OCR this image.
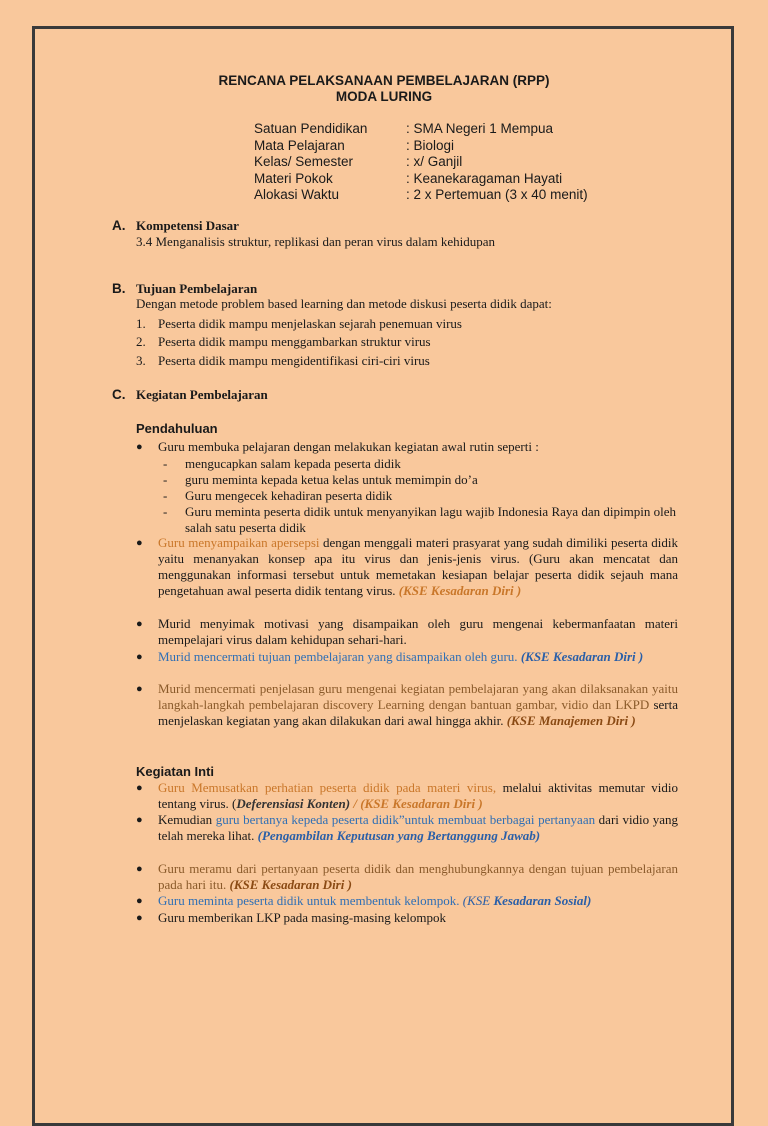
RENCANA PELAKSANAAN PEMBELAJARAN (RPP)
MODA LURING
Satuan Pendidikan	: SMA Negeri 1 Mempua
Mata Pelajaran	: Biologi
Kelas/ Semester	: x/ Ganjil
Materi Pokok	: Keanekaragaman Hayati
Alokasi Waktu	: 2 x Pertemuan (3 x 40 menit)
A. Kompetensi Dasar
3.4 Menganalisis struktur, replikasi dan peran virus dalam kehidupan
B. Tujuan Pembelajaran
Dengan metode problem based learning dan metode diskusi peserta didik dapat:
1. Peserta didik mampu menjelaskan sejarah penemuan virus
2. Peserta didik mampu menggambarkan struktur virus
3. Peserta didik mampu mengidentifikasi ciri-ciri virus
C. Kegiatan Pembelajaran
Pendahuluan
● Guru membuka pelajaran dengan melakukan kegiatan awal rutin seperti :
- mengucapkan salam kepada peserta didik
- guru meminta kepada ketua kelas untuk memimpin do’a
- Guru mengecek kehadiran peserta didik
- Guru meminta peserta didik untuk menyanyikan lagu wajib Indonesia Raya dan dipimpin oleh salah satu peserta didik
● Guru menyampaikan apersepsi dengan menggali materi prasyarat yang sudah dimiliki peserta didik yaitu menanyakan konsep apa itu virus dan jenis-jenis virus. (Guru akan mencatat dan menggunakan informasi tersebut untuk memetakan kesiapan belajar peserta didik sejauh mana pengetahuan awal peserta didik tentang virus. (KSE Kesadaran Diri )
● Murid menyimak motivasi yang disampaikan oleh guru mengenai kebermanfaatan materi mempelajari virus dalam kehidupan sehari-hari.
● Murid mencermati tujuan pembelajaran yang disampaikan oleh guru. (KSE Kesadaran Diri )
● Murid mencermati penjelasan guru mengenai kegiatan pembelajaran yang akan dilaksanakan yaitu langkah-langkah pembelajaran discovery Learning dengan bantuan gambar, vidio dan LKPD serta menjelaskan kegiatan yang akan dilakukan dari awal hingga akhir. (KSE Manajemen Diri )
Kegiatan Inti
● Guru Memusatkan perhatian peserta didik pada materi virus, melalui aktivitas memutar vidio tentang virus. (Deferensiasi Konten) / (KSE Kesadaran Diri )
● Kemudian guru bertanya kepeda peserta didik”untuk membuat berbagai pertanyaan dari vidio yang telah mereka lihat. (Pengambilan Keputusan yang Bertanggung Jawab)
● Guru meramu dari pertanyaan peserta didik dan menghubungkannya dengan tujuan pembelajaran pada hari itu. (KSE Kesadaran Diri )
● Guru meminta peserta didik untuk membentuk kelompok. (KSE Kesadaran Sosial)
● Guru memberikan LKP pada masing-masing kelompok
